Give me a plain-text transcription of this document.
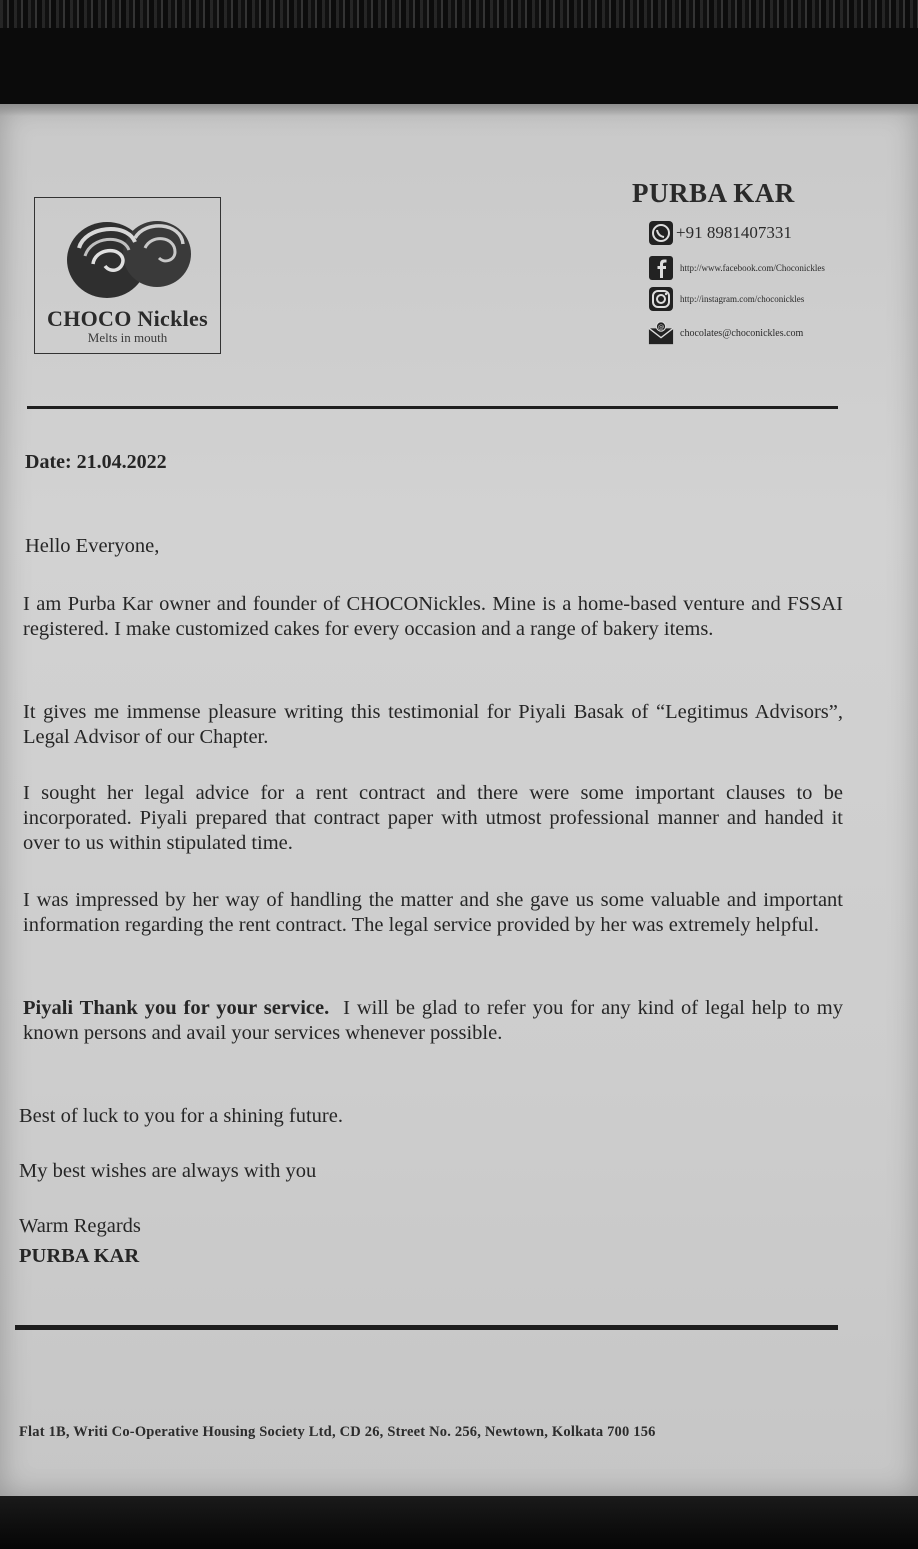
CHOCO Nickles
Melts in mouth
PURBA KAR
+91 8981407331
http://www.facebook.com/Choconickles
http://instagram.com/choconickles
@
chocolates@choconickles.com
Date: 21.04.2022
Hello Everyone,
I am Purba Kar owner and founder of CHOCONickles. Mine is a home-based venture and FSSAI registered. I make customized cakes for every occasion and a range of bakery items.
It gives me immense pleasure writing this testimonial for Piyali Basak of “Legitimus Advisors”, Legal Advisor of our Chapter.
I sought her legal advice for a rent contract and there were some important clauses to be incorporated. Piyali prepared that contract paper with utmost professional manner and handed it over to us within stipulated time.
I was impressed by her way of handling the matter and she gave us some valuable and important information regarding the rent contract. The legal service provided by her was extremely helpful.
Piyali Thank you for your service. I will be glad to refer you for any kind of legal help to my known persons and avail your services whenever possible.
Best of luck to you for a shining future.
My best wishes are always with you
Warm Regards
PURBA KAR
Flat 1B, Writi Co-Operative Housing Society Ltd, CD 26, Street No. 256, Newtown, Kolkata 700 156
